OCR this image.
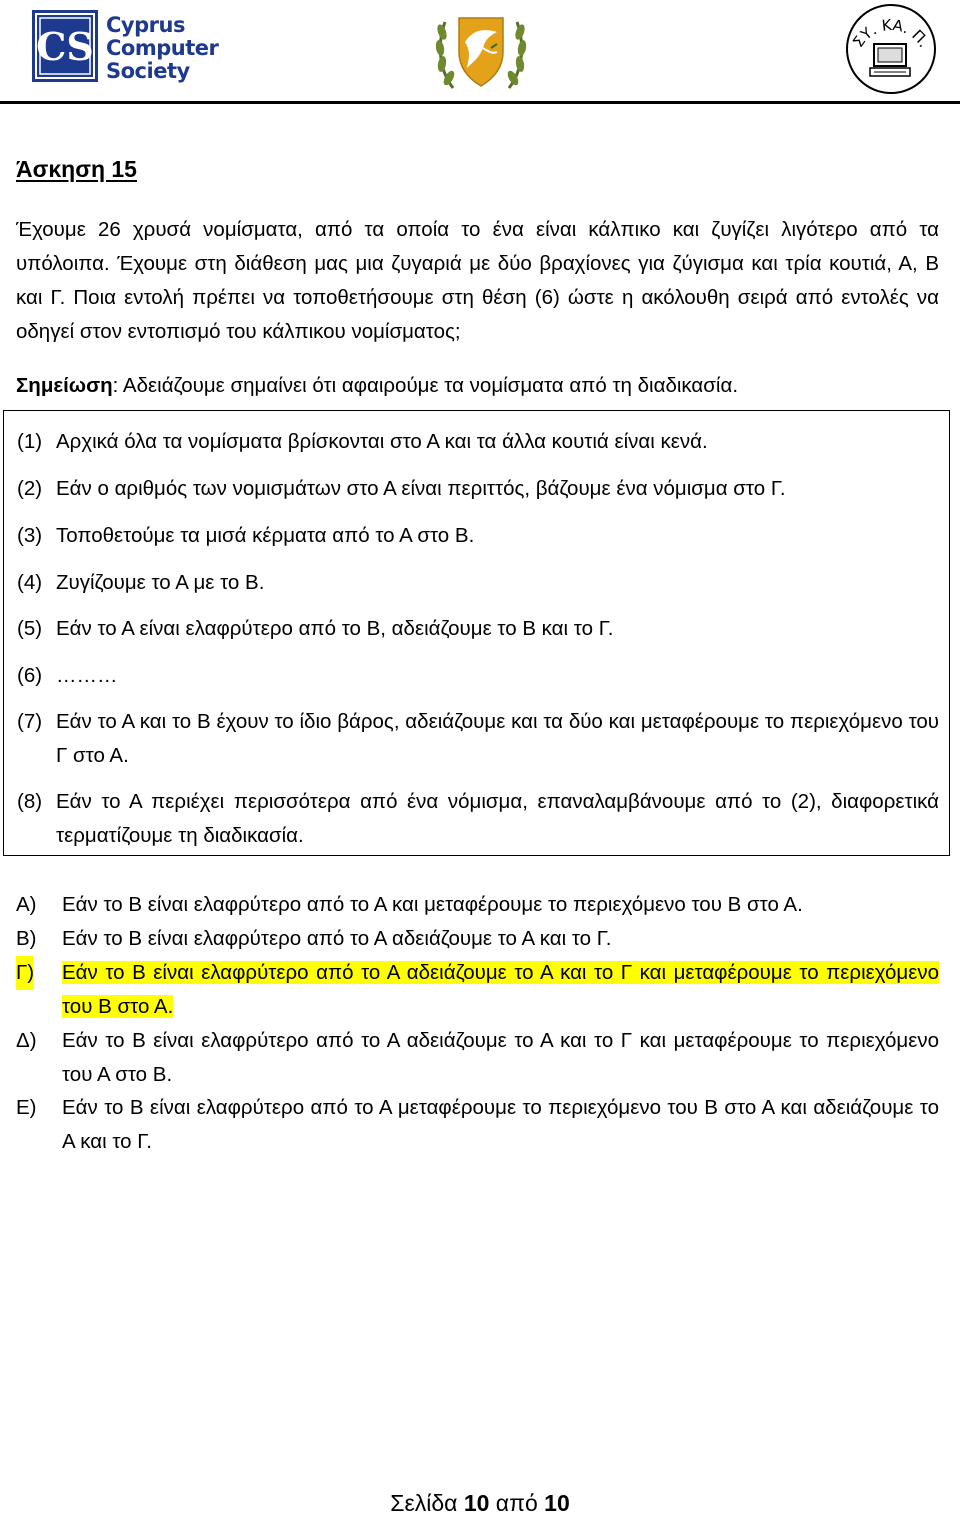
CS Cyprus
Computer
Society
ΣΥ. ΚΑ. Π.
Άσκηση 15
Έχουμε 26 χρυσά νομίσματα, από τα οποία το ένα είναι κάλπικο και ζυγίζει λιγότερο από τα υπόλοιπα. Έχουμε στη διάθεση μας μια ζυγαριά με δύο βραχίονες για ζύγισμα και τρία κουτιά, Α, Β και Γ. Ποια εντολή πρέπει να τοποθετήσουμε στη θέση (6) ώστε η ακόλουθη σειρά από εντολές να οδηγεί στον εντοπισμό του κάλπικου νομίσματος;
Σημείωση: Αδειάζουμε σημαίνει ότι αφαιρούμε τα νομίσματα από τη διαδικασία.
(1) Αρχικά όλα τα νομίσματα βρίσκονται στο Α και τα άλλα κουτιά είναι κενά.
(2) Εάν ο αριθμός των νομισμάτων στο Α είναι περιττός, βάζουμε ένα νόμισμα στο Γ.
(3) Τοποθετούμε τα μισά κέρματα από το Α στο Β.
(4) Ζυγίζουμε το Α με το Β.
(5) Εάν το Α είναι ελαφρύτερο από το Β, αδειάζουμε το Β και το Γ.
(6) ………
(7) Εάν το Α και το Β έχουν το ίδιο βάρος, αδειάζουμε και τα δύο και μεταφέρουμε το περιεχόμενο του Γ στο Α.
(8) Εάν το Α περιέχει περισσότερα από ένα νόμισμα, επαναλαμβάνουμε από το (2), διαφορετικά τερματίζουμε τη διαδικασία.
Α) Εάν το Β είναι ελαφρύτερο από το Α και μεταφέρουμε το περιεχόμενο του Β στο Α.
Β) Εάν το Β είναι ελαφρύτερο από το Α αδειάζουμε το Α και το Γ.
Γ) Εάν το Β είναι ελαφρύτερο από το Α αδειάζουμε το Α και το Γ και μεταφέρουμε το περιεχόμενο του Β στο Α.
Δ) Εάν το Β είναι ελαφρύτερο από το Α αδειάζουμε το Α και το Γ και μεταφέρουμε το περιεχόμενο του Α στο Β.
Ε) Εάν το Β είναι ελαφρύτερο από το Α μεταφέρουμε το περιεχόμενο του Β στο Α και αδειάζουμε το Α και το Γ.
Σελίδα 10 από 10
